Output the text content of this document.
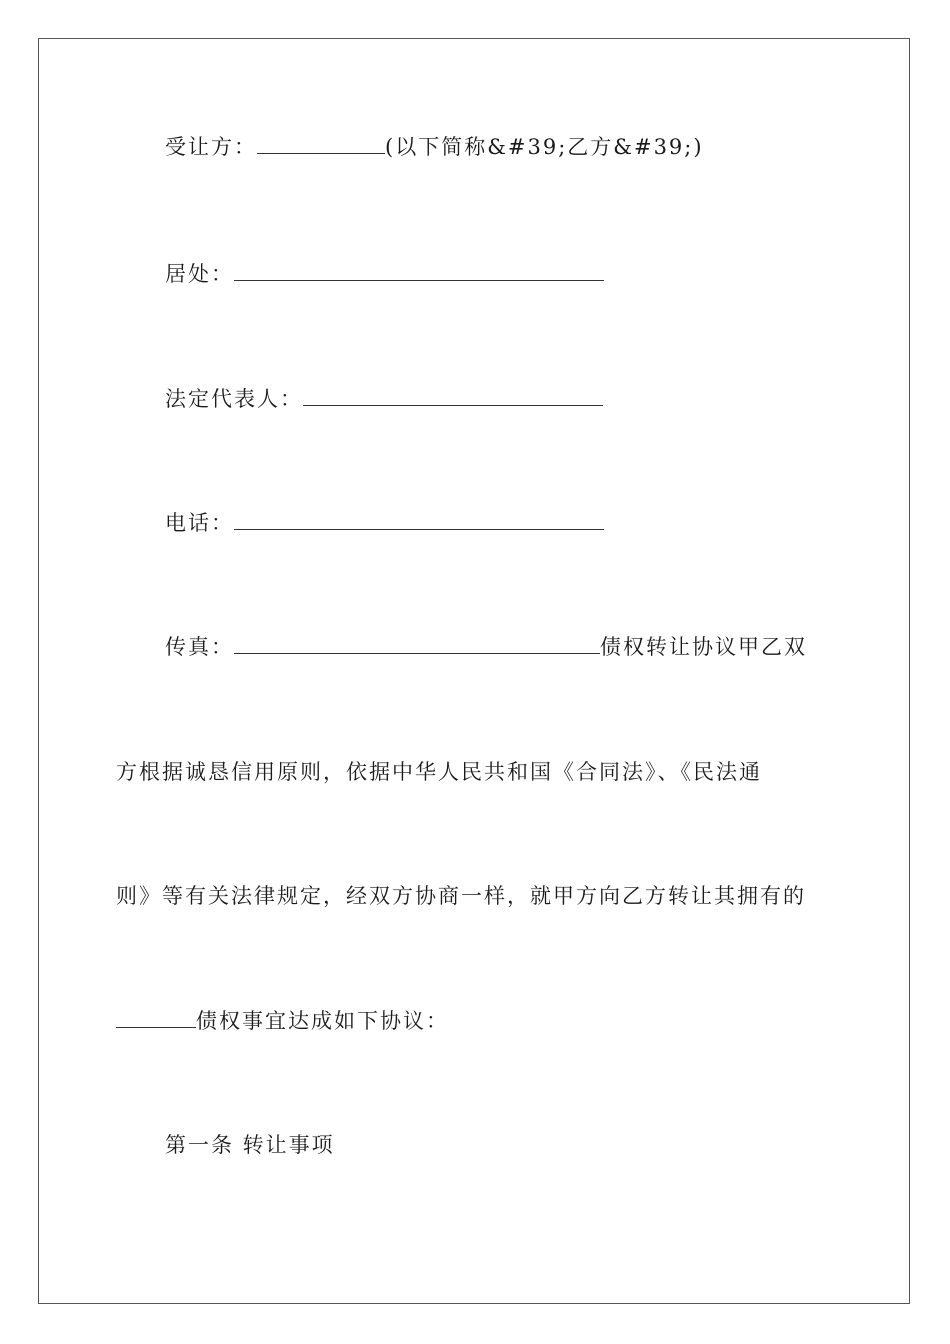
受让方：	(以下简称&#39;乙方&#39;)
居处：
法定代表人：
电话：
传真：	债权转让协议甲乙双
方根据诚恳信用原则，依据中华人民共和国《合同法》、《民法通
则》等有关法律规定，经双方协商一样，就甲方向乙方转让其拥有的
债权事宜达成如下协议：
第一条 转让事项
